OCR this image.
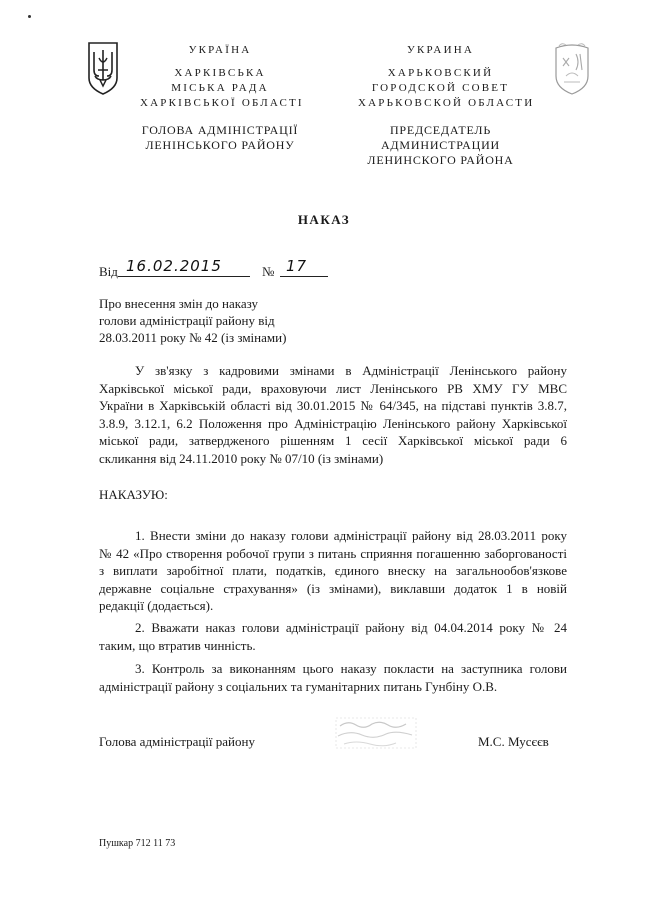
УКРАЇНА
ХАРКІВСЬКА
МІСЬКА РАДА
ХАРКІВСЬКОЇ ОБЛАСТІ
ГОЛОВА АДМІНІСТРАЦІЇ
ЛЕНІНСЬКОГО РАЙОНУ
УКРАИНА
ХАРЬКОВСКИЙ
ГОРОДСКОЙ СОВЕТ
ХАРЬКОВСКОЙ ОБЛАСТИ
ПРЕДСЕДАТЕЛЬ
АДМИНИСТРАЦИИ
ЛЕНИНСКОГО РАЙОНА
НАКАЗ
Від 16.02.2015	№ 17
Про внесення змін до наказу
голови адміністрації району від
28.03.2011 року № 42 (із змінами)
У зв'язку з кадровими змінами в Адміністрації Ленінського району
Харківської міської ради, враховуючи лист Ленінського РВ ХМУ ГУ МВС
України в Харківській області від 30.01.2015 № 64/345, на підставі пунктів 3.8.7,
3.8.9, 3.12.1, 6.2 Положення про Адміністрацію Ленінського району Харківської
міської ради, затвердженого рішенням 1 сесії Харківської міської ради 6
скликання від 24.11.2010 року № 07/10 (із змінами)
НАКАЗУЮ:
1. Внести зміни до наказу голови адміністрації району від 28.03.2011 року
№ 42 «Про створення робочої групи з питань сприяння погашенню заборгованості
з виплати заробітної плати, податків, єдиного внеску на загальнообов'язкове
державне соціальне страхування» (із змінами), виклавши додаток 1 в новій
редакції (додається).
2. Вважати наказ голови адміністрації району від 04.04.2014 року № 24
таким, що втратив чинність.
3. Контроль за виконанням цього наказу покласти на заступника голови
адміністрації району з соціальних та гуманітарних питань Гунбіну О.В.
Голова адміністрації району	М.С. Мусєєв
Пушкар 712 11 73
